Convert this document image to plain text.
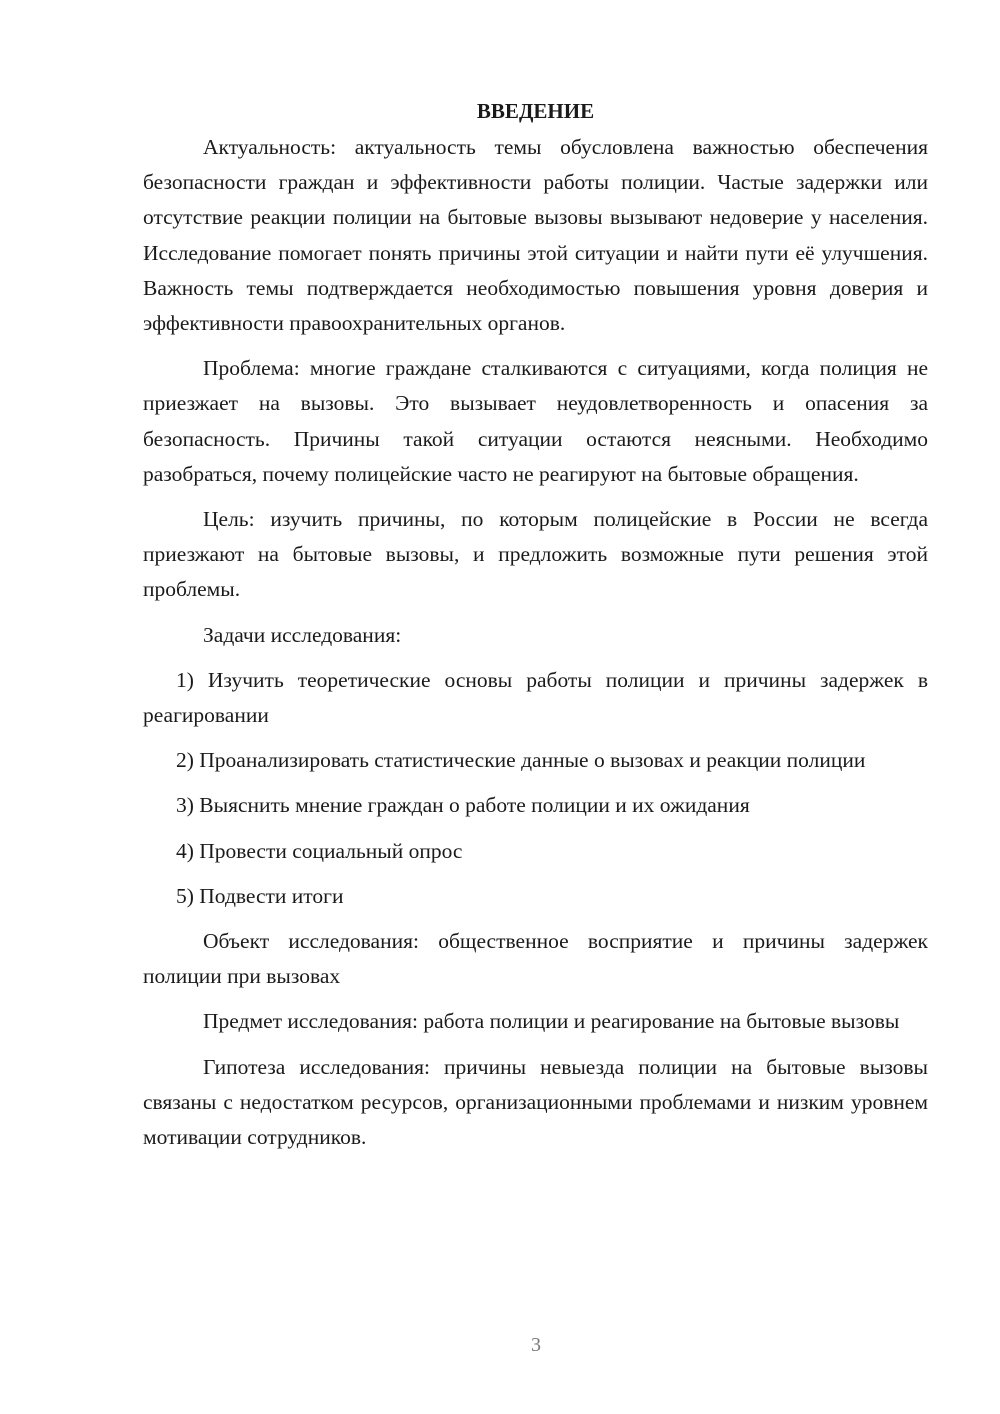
ВВЕДЕНИЕ

Актуальность: актуальность темы обусловлена важностью обеспечения безопасности граждан и эффективности работы полиции. Частые задержки или отсутствие реакции полиции на бытовые вызовы вызывают недоверие у населения. Исследование помогает понять причины этой ситуации и найти пути её улучшения. Важность темы подтверждается необходимостью повышения уровня доверия и эффективности правоохранительных органов.

Проблема: многие граждане сталкиваются с ситуациями, когда полиция не приезжает на вызовы. Это вызывает неудовлетворенность и опасения за безопасность. Причины такой ситуации остаются неясными. Необходимо разобраться, почему полицейские часто не реагируют на бытовые обращения.

Цель: изучить причины, по которым полицейские в России не всегда приезжают на бытовые вызовы, и предложить возможные пути решения этой проблемы.

Задачи исследования:

1) Изучить теоретические основы работы полиции и причины задержек в реагировании

2) Проанализировать статистические данные о вызовах и реакции полиции

3) Выяснить мнение граждан о работе полиции и их ожидания

4) Провести социальный опрос

5) Подвести итоги

Объект исследования: общественное восприятие и причины задержек полиции при вызовах

Предмет исследования: работа полиции и реагирование на бытовые вызовы

Гипотеза исследования: причины невыезда полиции на бытовые вызовы связаны с недостатком ресурсов, организационными проблемами и низким уровнем мотивации сотрудников.

3
